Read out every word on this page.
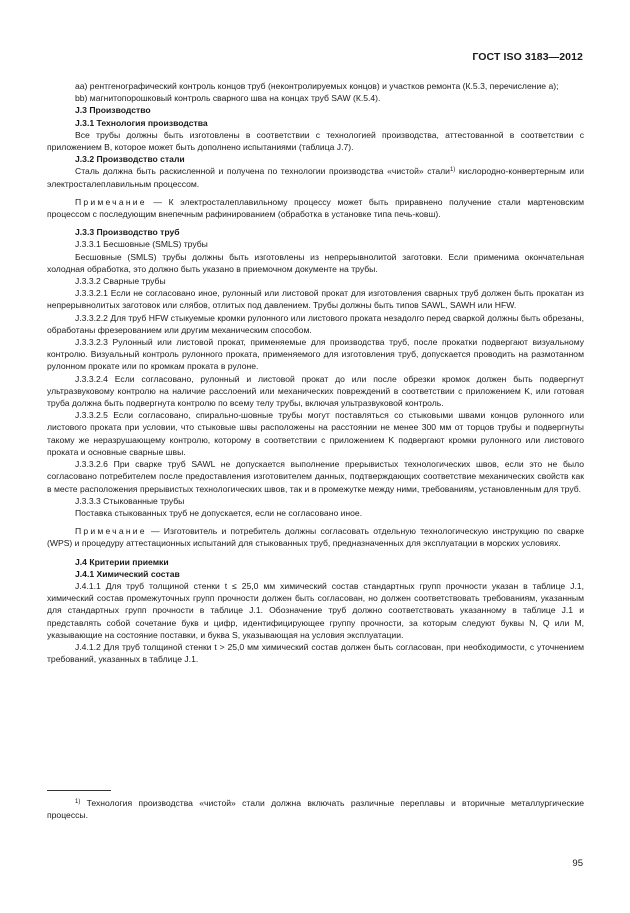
ГОСТ ISO 3183—2012

аа) рентгенографический контроль концов труб (неконтролируемых концов) и участков ремонта (К.5.3, перечисление а);

bb) магнитопорошковый контроль сварного шва на концах труб SAW (К.5.4).

J.3 Производство

J.3.1 Технология производства

Все трубы должны быть изготовлены в соответствии с технологией производства, аттестованной в соответствии с приложением В, которое может быть дополнено испытаниями (таблица J.7).

J.3.2 Производство стали

Сталь должна быть раскисленной и получена по технологии производства «чистой» стали$^{1)}$ кислородно-конвертерным или электросталеплавильным процессом.

Примечание — К электросталеплавильному процессу может быть приравнено получение стали мартеновским процессом с последующим внепечным рафинированием (обработка в установке типа печь-ковш).

J.3.3 Производство труб

J.3.3.1 Бесшовные (SMLS) трубы

Бесшовные (SMLS) трубы должны быть изготовлены из непрерывнолитой заготовки. Если применима окончательная холодная обработка, это должно быть указано в приемочном документе на трубы.

J.3.3.2 Сварные трубы

J.3.3.2.1 Если не согласовано иное, рулонный или листовой прокат для изготовления сварных труб должен быть прокатан из непрерывнолитых заготовок или слябов, отлитых под давлением. Трубы должны быть типов SAWL, SAWH или HFW.

J.3.3.2.2 Для труб HFW стыкуемые кромки рулонного или листового проката незадолго перед сваркой должны быть обрезаны, обработаны фрезерованием или другим механическим способом.

J.3.3.2.3 Рулонный или листовой прокат, применяемые для производства труб, после прокатки подвергают визуальному контролю. Визуальный контроль рулонного проката, применяемого для изготовления труб, допускается проводить на размотанном рулонном прокате или по кромкам проката в рулоне.

J.3.3.2.4 Если согласовано, рулонный и листовой прокат до или после обрезки кромок должен быть подвергнут ультразвуковому контролю на наличие расслоений или механических повреждений в соответствии с приложением K, или готовая труба должна быть подвергнута контролю по всему телу трубы, включая ультразвуковой контроль.

J.3.3.2.5 Если согласовано, спирально-шовные трубы могут поставляться со стыковыми швами концов рулонного или листового проката при условии, что стыковые швы расположены на расстоянии не менее 300 мм от торцов трубы и подвергнуты такому же неразрушающему контролю, которому в соответствии с приложением K подвергают кромки рулонного или листового проката и основные сварные швы.

J.3.3.2.6 При сварке труб SAWL не допускается выполнение прерывистых технологических швов, если это не было согласовано потребителем после предоставления изготовителем данных, подтверждающих соответствие механических свойств как в месте расположения прерывистых технологических швов, так и в промежутке между ними, требованиям, установленным для труб.

J.3.3.3 Стыкованные трубы

Поставка стыкованных труб не допускается, если не согласовано иное.

Примечание — Изготовитель и потребитель должны согласовать отдельную технологическую инструкцию по сварке (WPS) и процедуру аттестационных испытаний для стыкованных труб, предназначенных для эксплуатации в морских условиях.

J.4 Критерии приемки

J.4.1 Химический состав

J.4.1.1 Для труб толщиной стенки t ≤ 25,0 мм химический состав стандартных групп прочности указан в таблице J.1, химический состав промежуточных групп прочности должен быть согласован, но должен соответствовать требованиям, указанным для стандартных групп прочности в таблице J.1. Обозначение труб должно соответствовать указанному в таблице J.1 и представлять собой сочетание букв и цифр, идентифицирующее группу прочности, за которым следуют буквы N, Q или M, указывающие на состояние поставки, и буква S, указывающая на условия эксплуатации.

J.4.1.2 Для труб толщиной стенки t > 25,0 мм химический состав должен быть согласован, при необходимости, с уточнением требований, указанных в таблице J.1.

$^{1)}$ Технология производства «чистой» стали должна включать различные переплавы и вторичные металлургические процессы.

95
